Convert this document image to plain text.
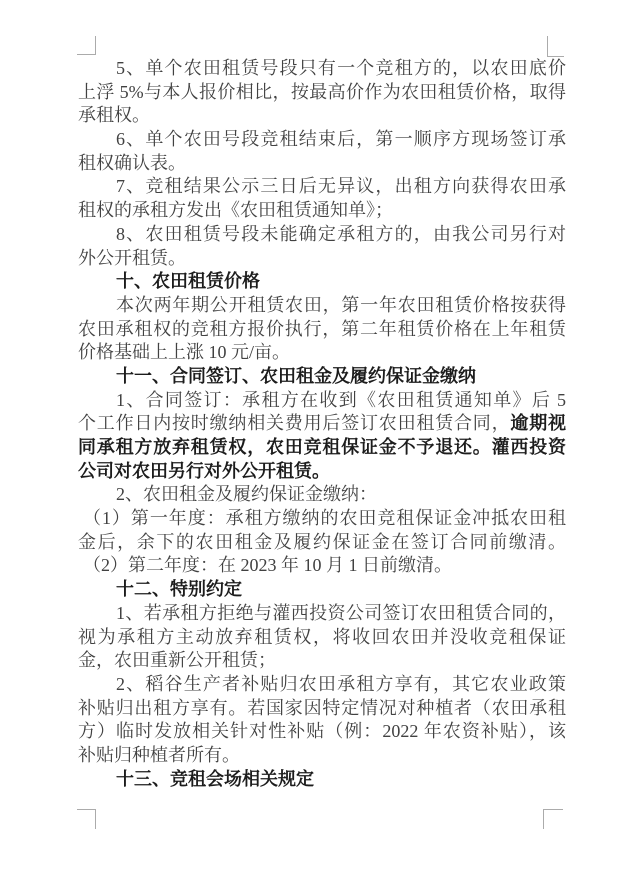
5、单个农田租赁号段只有一个竞租方的，以农田底价
上浮 5%与本人报价相比，按最高价作为农田租赁价格，取得
承租权。
6、单个农田号段竞租结束后，第一顺序方现场签订承
租权确认表。
7、竞租结果公示三日后无异议，出租方向获得农田承
租权的承租方发出《农田租赁通知单》；
8、农田租赁号段未能确定承租方的，由我公司另行对
外公开租赁。
十、农田租赁价格
本次两年期公开租赁农田，第一年农田租赁价格按获得
农田承租权的竞租方报价执行，第二年租赁价格在上年租赁
价格基础上上涨 10 元/亩。
十一、合同签订、农田租金及履约保证金缴纳
1、合同签订：承租方在收到《农田租赁通知单》后 5
个工作日内按时缴纳相关费用后签订农田租赁合同，逾期视
同承租方放弃租赁权，农田竞租保证金不予退还。灌西投资
公司对农田另行对外公开租赁。
2、农田租金及履约保证金缴纳：
（1）第一年度：承租方缴纳的农田竞租保证金冲抵农田租
金后，余下的农田租金及履约保证金在签订合同前缴清。
（2）第二年度：在 2023 年 10 月 1 日前缴清。
十二、特别约定
1、若承租方拒绝与灌西投资公司签订农田租赁合同的，
视为承租方主动放弃租赁权，将收回农田并没收竞租保证
金，农田重新公开租赁；
2、稻谷生产者补贴归农田承租方享有，其它农业政策
补贴归出租方享有。若国家因特定情况对种植者（农田承租
方）临时发放相关针对性补贴（例：2022 年农资补贴），该
补贴归种植者所有。
十三、竞租会场相关规定
